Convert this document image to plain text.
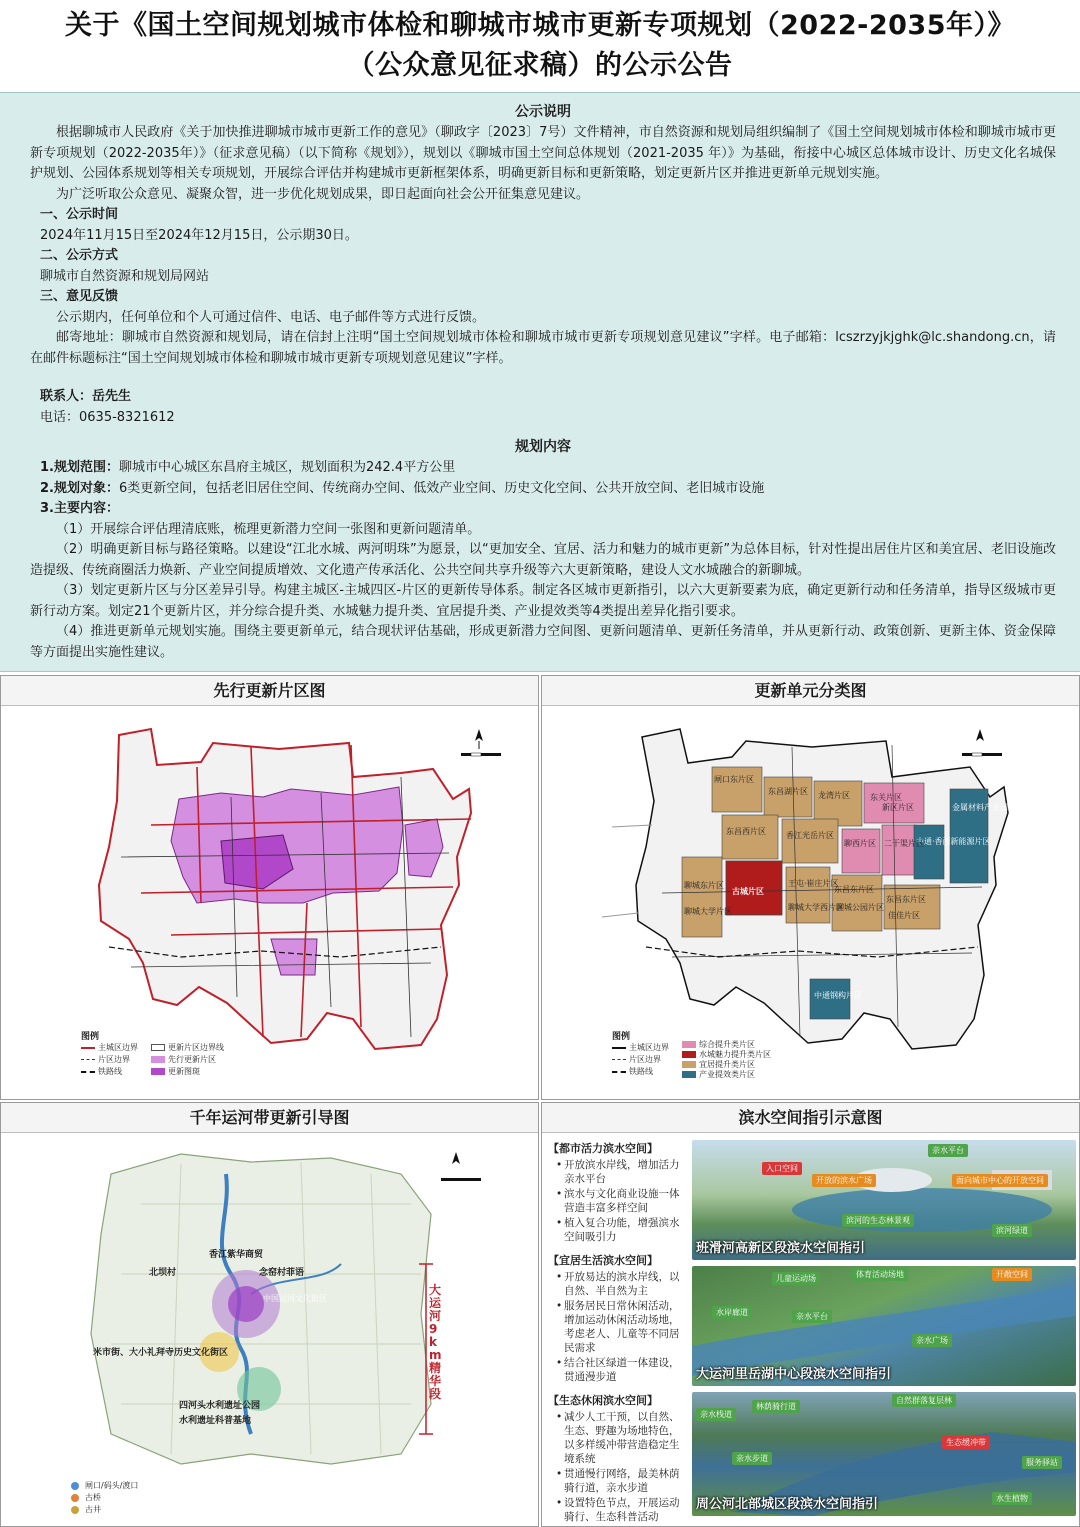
关于《国土空间规划城市体检和聊城市城市更新专项规划（2022-2035年）》
（公众意见征求稿）的公示公告
公示说明

根据聊城市人民政府《关于加快推进聊城市城市更新工作的意见》（聊政字〔2023〕7号）文件精神，市自然资源和规划局组织编制了《国土空间规划城市体检和聊城市城市更新专项规划（2022-2035年）》（征求意见稿）（以下简称《规划》），规划以《聊城市国土空间总体规划（2021-2035 年）》为基础，衔接中心城区总体城市设计、历史文化名城保护规划、公园体系规划等相关专项规划，开展综合评估并构建城市更新框架体系，明确更新目标和更新策略，划定更新片区并推进更新单元规划实施。

为广泛听取公众意见、凝聚众智，进一步优化规划成果，即日起面向社会公开征集意见建议。

一、公示时间

2024年11月15日至2024年12月15日，公示期30日。

二、公示方式

聊城市自然资源和规划局网站

三、意见反馈

公示期内，任何单位和个人可通过信件、电话、电子邮件等方式进行反馈。

邮寄地址：聊城市自然资源和规划局，请在信封上注明“国土空间规划城市体检和聊城市城市更新专项规划意见建议”字样。电子邮箱：lcszrzyjkjghk@lc.shandong.cn，请在邮件标题标注“国土空间规划城市体检和聊城市城市更新专项规划意见建议”字样。

联系人：岳先生

电话：0635-8321612

规划内容

1.规划范围：聊城市中心城区东昌府主城区，规划面积为242.4平方公里

2.规划对象：6类更新空间，包括老旧居住空间、传统商办空间、低效产业空间、历史文化空间、公共开放空间、老旧城市设施

3.主要内容：

（1）开展综合评估理清底账，梳理更新潜力空间一张图和更新问题清单。

（2）明确更新目标与路径策略。以建设“江北水城、两河明珠”为愿景，以“更加安全、宜居、活力和魅力的城市更新”为总体目标，针对性提出居住片区和美宜居、老旧设施改造提级、传统商圈活力焕新、产业空间提质增效、文化遗产传承活化、公共空间共享升级等六大更新策略，建设人文水城融合的新聊城。

（3）划定更新片区与分区差异引导。构建主城区-主城四区-片区的更新传导体系。制定各区城市更新指引，以六大更新要素为底，确定更新行动和任务清单，指导区级城市更新行动方案。划定21个更新片区，并分综合提升类、水城魅力提升类、宜居提升类、产业提效类等4类提出差异化指引要求。

（4）推进更新单元规划实施。围绕主要更新单元，结合现状评估基础，形成更新潜力空间图、更新问题清单、更新任务清单，并从更新行动、政策创新、更新主体、资金保障等方面提出实施性建议。

先行更新片区图
图例
主城区边界
片区边界
铁路线
更新片区边界线
先行更新片区
更新图斑
更新单元分类图
图例
主城区边界
片区边界
铁路线
综合提升类片区
水城魅力提升类片区
宜居提升类片区
产业提效类片区
古城片区
闸口东片区
东昌湖片区 龙湾片区	东关片区
香江光岳片区
东昌西片区
聊西片区
东昌东片区
王屯·崔庄片区
聊城大学西片区
中通·香西新能源片区
金属材料产业园片区
中通钢构片区
东昌东片区
新区片区
二干渠片区
聊城公园片区
佳佳片区
聊城东片区
聊城大学片区
千年运河带更新引导图
香江紫华商贸
北坝村	念窑村菲语
米市街、大小礼拜寺历史文化街区
四河头水利遗址公园
水利遗址科普基地
中国运河文化街区
大运河9km精华段
闸口/码头/渡口
古桥
古井
滨水空间指引示意图
【都市活力滨水空间】
• 开放滨水岸线，增加活力亲水平台
• 滨水与文化商业设施一体营造丰富多样空间
• 植入复合功能，增强滨水空间吸引力
【宜居生活滨水空间】
• 开放易达的滨水岸线，以自然、半自然为主
• 服务居民日常休闲活动，增加运动休闲活动场地，考虑老人、儿童等不同居民需求
• 结合社区绿道一体建设，贯通漫步道
【生态休闲滨水空间】
• 减少人工干预，以自然、生态、野趣为场地特色，以多样缓冲带营造稳定生境系统
• 贯通慢行网络，最美林荫骑行道，亲水步道
• 设置特色节点，开展运动骑行、生态科普活动
亲水平台
入口空间
开放的滨水广场	面向城市中心的开放空间
滨河的生态林景观
滨河绿道
班滑河高新区段滨水空间指引
儿童运动场	体育活动场地	开敞空间
水岸廊道	亲水平台
亲水广场
大运河里岳湖中心段滨水空间指引
亲水栈道
自然群落复层林
林荫骑行道
生态缓冲带
亲水步道	服务驿站
水生植物
周公河北部城区段滨水空间指引
